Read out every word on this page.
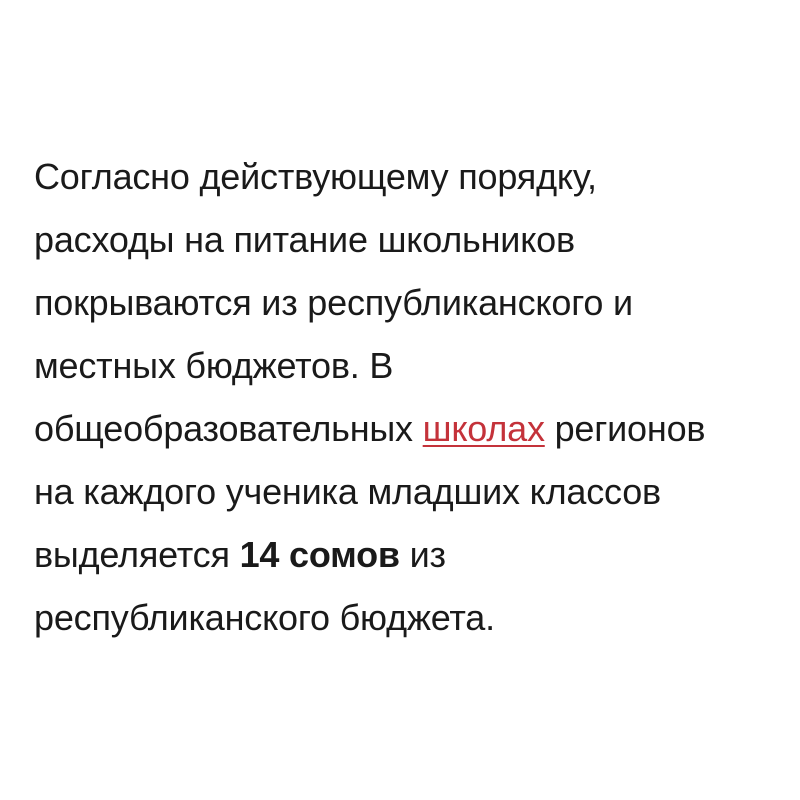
Согласно действующему порядку,
расходы на питание школьников
покрываются из республиканского и
местных бюджетов. В
общеобразовательных школах регионов
на каждого ученика младших классов
выделяется 14 сомов из
республиканского бюджета.
